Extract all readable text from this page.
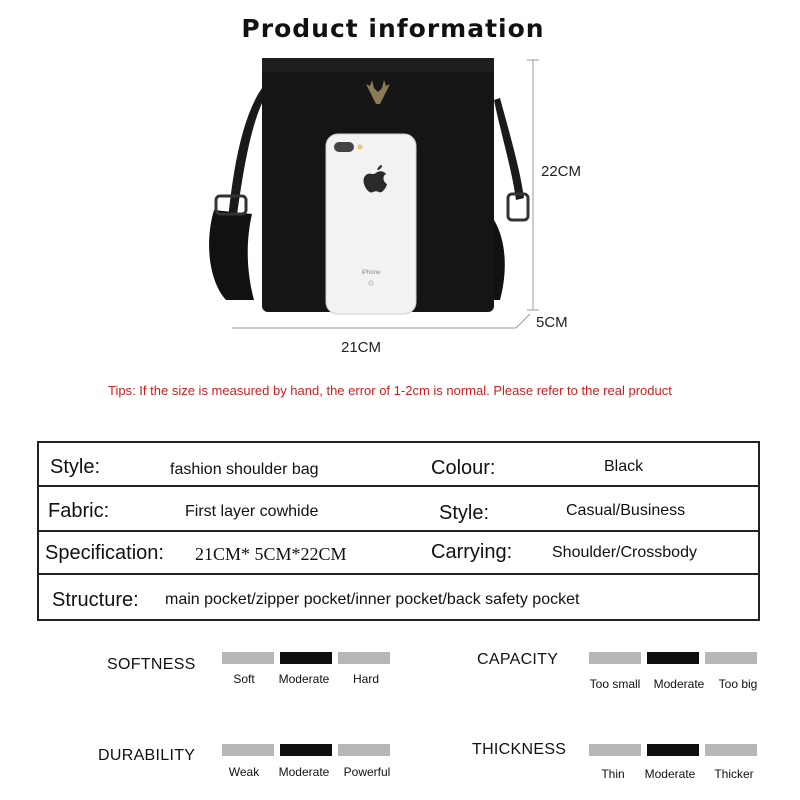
Product information
iPhone
22CM
5CM
21CM
Tips: If the size is measured by hand, the error of 1-2cm is normal. Please refer to the real product
Style:	fashion shoulder bag	Colour:	Black
Fabric:	First layer cowhide	Style:	Casual/Business
Specification: 21CM* 5CM*22CM	Carrying: Shoulder/Crossbody
Structure: main pocket/zipper pocket/inner pocket/back safety pocket
SOFTNESS
Soft	Moderate	Hard
CAPACITY
Too small	Moderate	Too big
DURABILITY
Weak	Moderate	Powerful
THICKNESS
Thin	Moderate	Thicker
